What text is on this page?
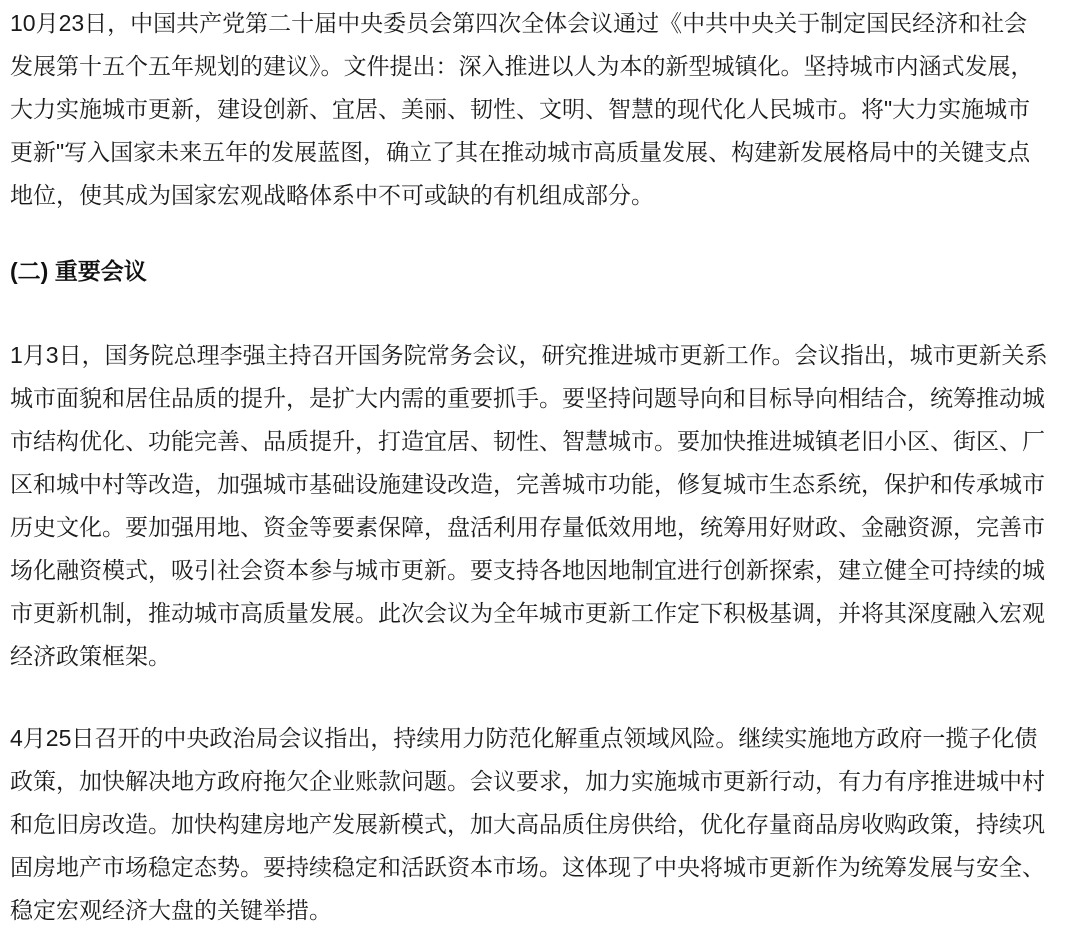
10月23日，中国共产党第二十届中央委员会第四次全体会议通过《中共中央关于制定国民经济和社会发展第十五个五年规划的建议》。文件提出：深入推进以人为本的新型城镇化。坚持城市内涵式发展，大力实施城市更新，建设创新、宜居、美丽、韧性、文明、智慧的现代化人民城市。将"大力实施城市更新"写入国家未来五年的发展蓝图，确立了其在推动城市高质量发展、构建新发展格局中的关键支点地位，使其成为国家宏观战略体系中不可或缺的有机组成部分。

(二) 重要会议

1月3日，国务院总理李强主持召开国务院常务会议，研究推进城市更新工作。会议指出，城市更新关系城市面貌和居住品质的提升，是扩大内需的重要抓手。要坚持问题导向和目标导向相结合，统筹推动城市结构优化、功能完善、品质提升，打造宜居、韧性、智慧城市。要加快推进城镇老旧小区、街区、厂区和城中村等改造，加强城市基础设施建设改造，完善城市功能，修复城市生态系统，保护和传承城市历史文化。要加强用地、资金等要素保障，盘活利用存量低效用地，统筹用好财政、金融资源，完善市场化融资模式，吸引社会资本参与城市更新。要支持各地因地制宜进行创新探索，建立健全可持续的城市更新机制，推动城市高质量发展。此次会议为全年城市更新工作定下积极基调，并将其深度融入宏观经济政策框架。

4月25日召开的中央政治局会议指出，持续用力防范化解重点领域风险。继续实施地方政府一揽子化债政策，加快解决地方政府拖欠企业账款问题。会议要求，加力实施城市更新行动，有力有序推进城中村和危旧房改造。加快构建房地产发展新模式，加大高品质住房供给，优化存量商品房收购政策，持续巩固房地产市场稳定态势。要持续稳定和活跃资本市场。这体现了中央将城市更新作为统筹发展与安全、稳定宏观经济大盘的关键举措。
